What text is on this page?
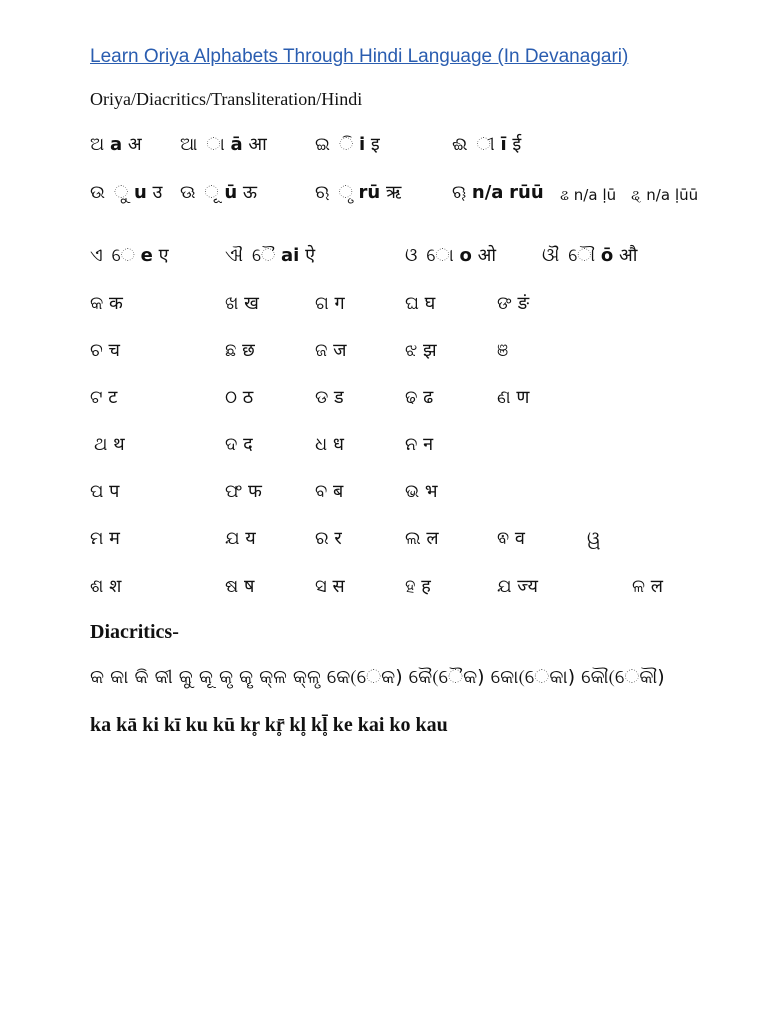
Learn Oriya Alphabets Through Hindi Language (In Devanagari)
Oriya/Diacritics/Transliteration/Hindi
ଅ a अ ଆ ā आ	ଇ i इ	ଈ ī ई
ଉ u उ ଊ ū ऊ	ଋ rū ऋ	ୠ n/a rūū ଌ n/a ḷū ୡ n/a ḷūū
ଏ e ए	ଐ ai ऐ	ଓ o ओ	ଔ ō औ
କ क	ଖ ख	ଗ ग	ଘ घ	ଙ ङं
ଚ च	ଛ छ	ଜ ज	ଝ झ	ଞ
ଟ ट	ଠ ठ	ଡ ड	ଢ ढ	ଣ ण
ଥ थ	ଦ द	ଧ ध	ନ न
ପ प	ଫ फ	ବ ब	ଭ भ
ମ म	ଯ य	ର र	ଲ ल	ଵ व	ୱ
ଶ श	ଷ ष	ସ स	ହ ह	ଯ ज्य	ଳ ल
Diacritics-
କ କା କି କୀ କୁ କୂ କୃ କୄ କ୍ଳ କ୍ଳୃ କେ(େକ) କୈ(ୈକ) କୋ(େକା) କୌ(େକୗ)
ka kā ki kī ku kū kr̥ kr̥̄ kl̥ kl̥̄ ke kai ko kau
